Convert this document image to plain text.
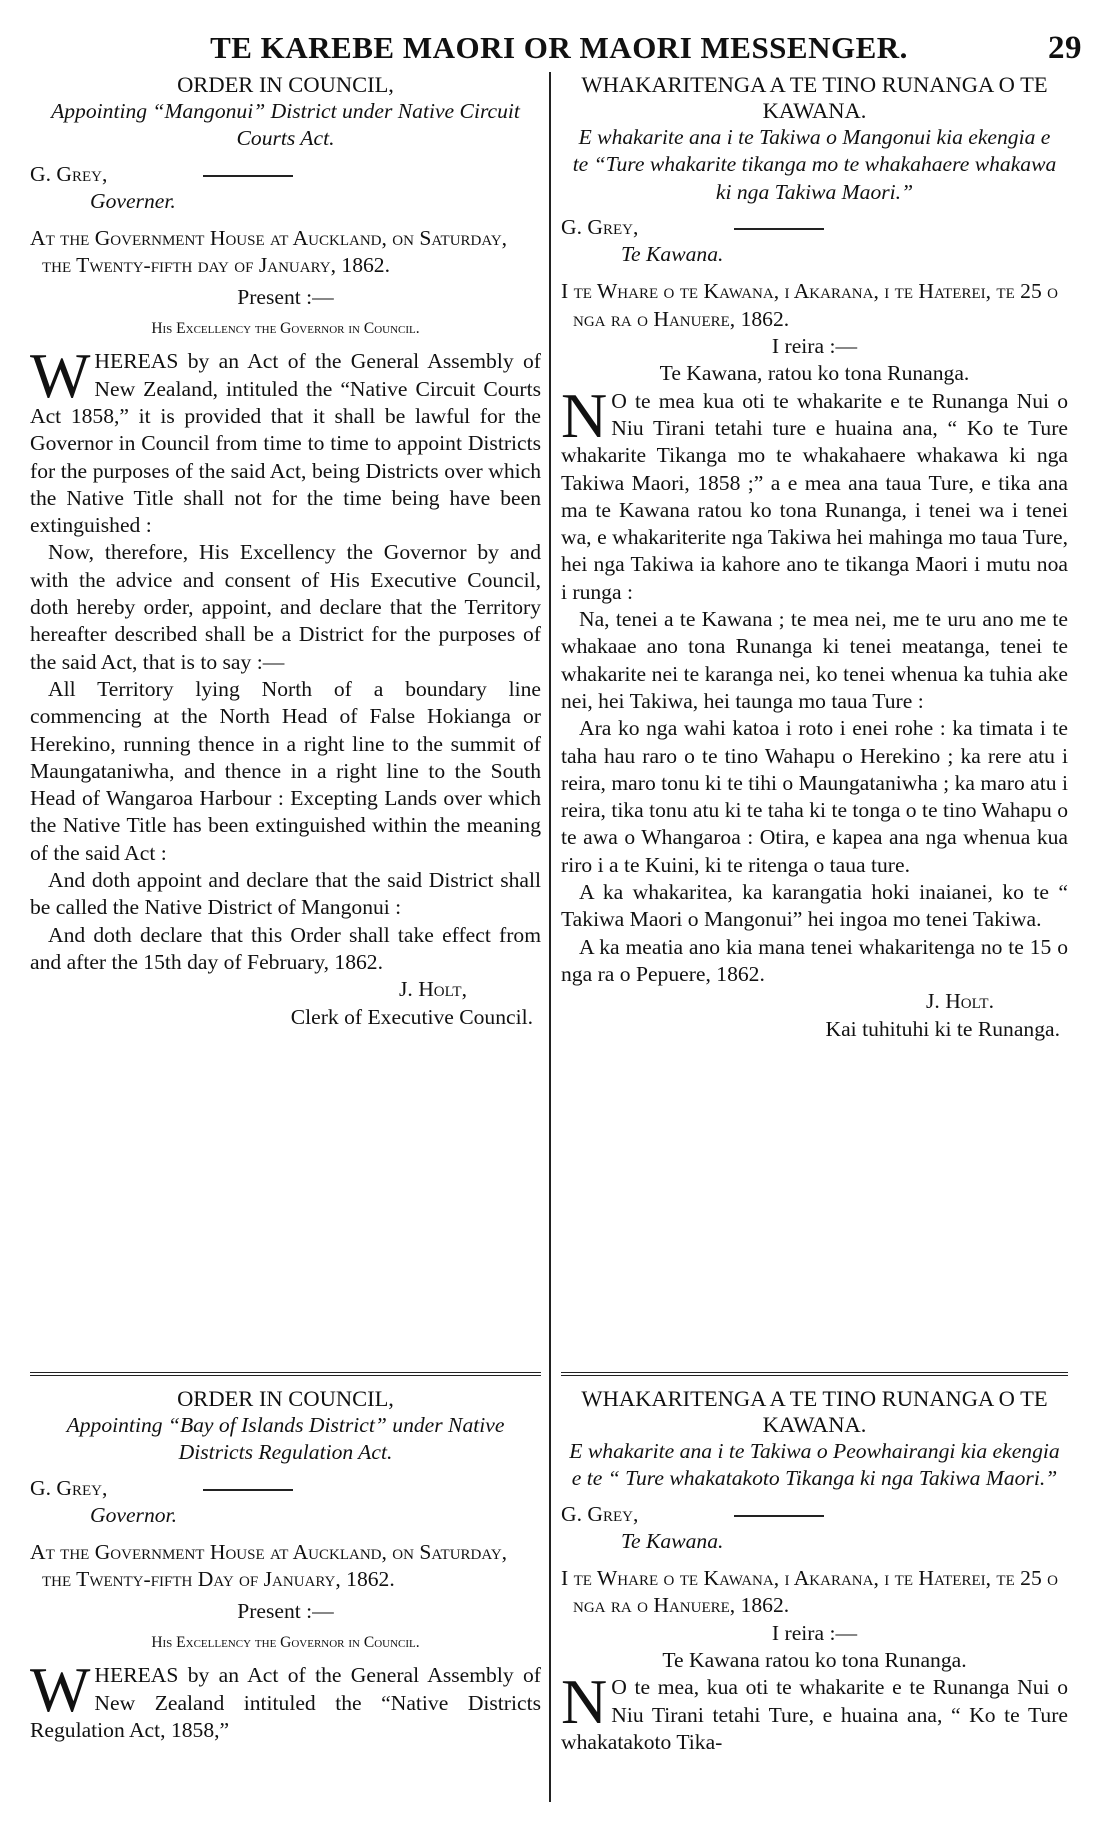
TE KAREBE MAORI OR MAORI MESSENGER.	29
ORDER IN COUNCIL,
Appointing “Mangonui” District under Native Circuit Courts Act.
G. Grey,
Governer.
At the Government House at Auckland, on Saturday, the Twenty-fifth day of January, 1862.
Present :—
His Excellency the Governor in Council.

WHEREAS by an Act of the General Assembly of New Zealand, intituled the “Native Circuit Courts Act 1858,” it is provided that it shall be lawful for the Governor in Council from time to time to appoint Districts for the purposes of the said Act, being Districts over which the Native Title shall not for the time being have been extinguished :

Now, therefore, His Excellency the Governor by and with the advice and consent of His Executive Council, doth hereby order, appoint, and declare that the Territory hereafter described shall be a District for the purposes of the said Act, that is to say :—

All Territory lying North of a boundary line commencing at the North Head of False Hokianga or Herekino, running thence in a right line to the summit of Maungataniwha, and thence in a right line to the South Head of Wangaroa Harbour : Excepting Lands over which the Native Title has been extinguished within the meaning of the said Act :

And doth appoint and declare that the said District shall be called the Native District of Mangonui :

And doth declare that this Order shall take effect from and after the 15th day of February, 1862.

J. Holt,
Clerk of Executive Council.
ORDER IN COUNCIL,
Appointing “Bay of Islands District” under Native Districts Regulation Act.
G. Grey,
Governor.
At the Government House at Auckland, on Saturday, the Twenty-fifth Day of January, 1862.
Present :—
His Excellency the Governor in Council.

WHEREAS by an Act of the General Assembly of New Zealand intituled the “Native Districts Regulation Act, 1858,”

WHAKARITENGA A TE TINO RUNANGA O TE KAWANA.
E whakarite ana i te Takiwa o Mangonui kia ekengia e te “Ture whakarite tikanga mo te whakahaere whakawa ki nga Takiwa Maori.”
G. Grey,
Te Kawana.
I te Whare o te Kawana, i Akarana, i te Haterei, te 25 o nga ra o Hanuere, 1862.
I reira :—
Te Kawana, ratou ko tona Runanga.

N O te mea kua oti te whakarite e te Runanga Nui o Niu Tirani tetahi ture e huaina ana, “ Ko te Ture whakarite Tikanga mo te whakahaere whakawa ki nga Takiwa Maori, 1858 ;” a e mea ana taua Ture, e tika ana ma te Kawana ratou ko tona Runanga, i tenei wa i tenei wa, e whakariterite nga Takiwa hei mahinga mo taua Ture, hei nga Takiwa ia kahore ano te tikanga Maori i mutu noa i runga :

Na, tenei a te Kawana ; te mea nei, me te uru ano me te whakaae ano tona Runanga ki tenei meatanga, tenei te whakarite nei te karanga nei, ko tenei whenua ka tuhia ake nei, hei Takiwa, hei taunga mo taua Ture :

Ara ko nga wahi katoa i roto i enei rohe : ka timata i te taha hau raro o te tino Wahapu o Herekino ; ka rere atu i reira, maro tonu ki te tihi o Maungataniwha ; ka maro atu i reira, tika tonu atu ki te taha ki te tonga o te tino Wahapu o te awa o Whangaroa : Otira, e kapea ana nga whenua kua riro i a te Kuini, ki te ritenga o taua ture.

A ka whakaritea, ka karangatia hoki inaianei, ko te “ Takiwa Maori o Mangonui” hei ingoa mo tenei Takiwa.

A ka meatia ano kia mana tenei whakaritenga no te 15 o nga ra o Pepuere, 1862.

J. Holt.
Kai tuhituhi ki te Runanga.
WHAKARITENGA A TE TINO RUNANGA O TE KAWANA.
E whakarite ana i te Takiwa o Peowhairangi kia ekengia e te “ Ture whakatakoto Tikanga ki nga Takiwa Maori.”
G. Grey,
Te Kawana.
I te Whare o te Kawana, i Akarana, i te Haterei, te 25 o nga ra o Hanuere, 1862.
I reira :—
Te Kawana ratou ko tona Runanga.

N O te mea, kua oti te whakarite e te Runanga Nui o Niu Tirani tetahi Ture, e huaina ana, “ Ko te Ture whakatakoto Tika-
